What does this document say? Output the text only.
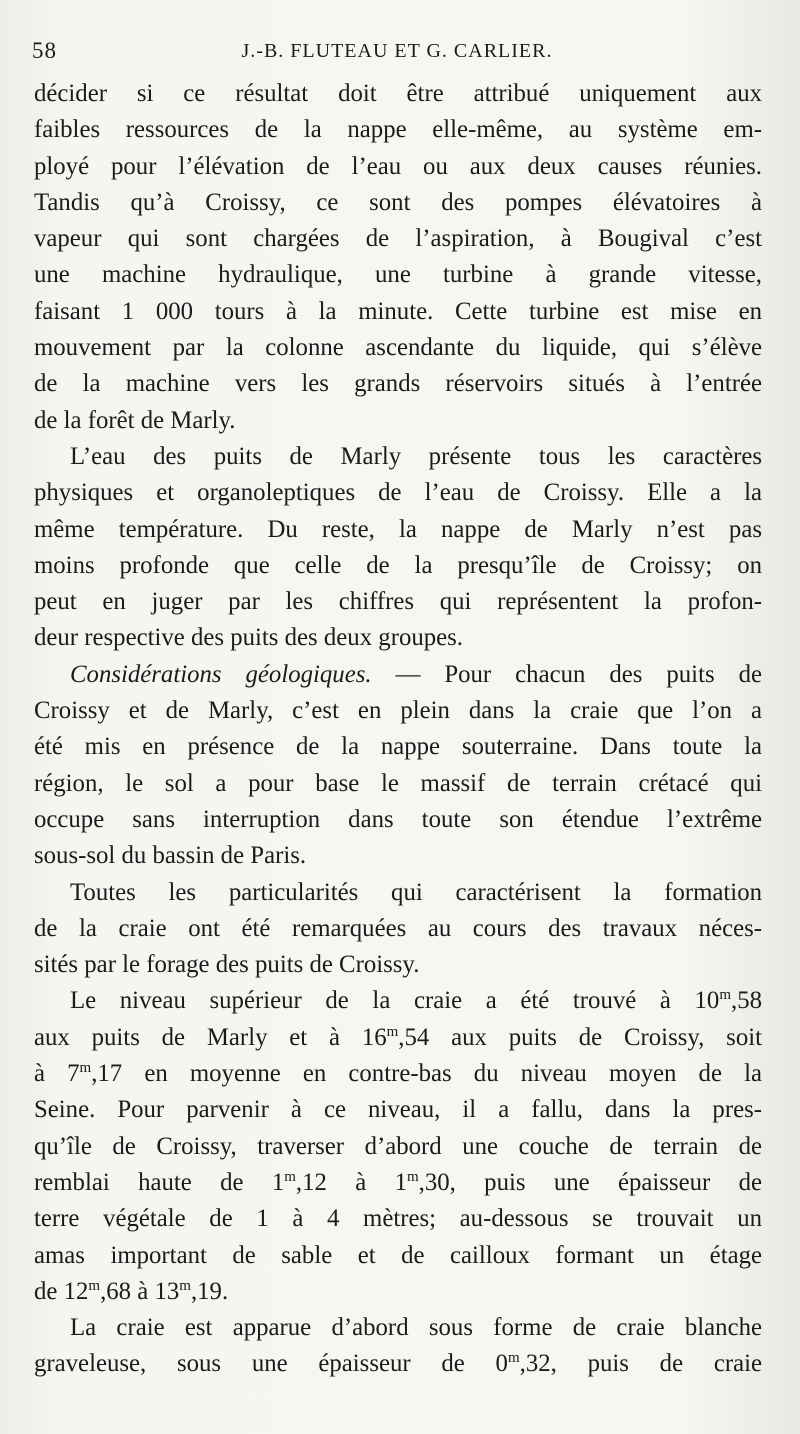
58	J.-B. FLUTEAU ET G. CARLIER.
décider si ce résultat doit être attribué uniquement aux
faibles ressources de la nappe elle-même, au système em-
ployé pour l’élévation de l’eau ou aux deux causes réunies.
Tandis qu’à Croissy, ce sont des pompes élévatoires à
vapeur qui sont chargées de l’aspiration, à Bougival c’est
une machine hydraulique, une turbine à grande vitesse,
faisant 1 000 tours à la minute. Cette turbine est mise en
mouvement par la colonne ascendante du liquide, qui s’élève
de la machine vers les grands réservoirs situés à l’entrée
de la forêt de Marly.
L’eau des puits de Marly présente tous les caractères
physiques et organoleptiques de l’eau de Croissy. Elle a la
même température. Du reste, la nappe de Marly n’est pas
moins profonde que celle de la presqu’île de Croissy; on
peut en juger par les chiffres qui représentent la profon-
deur respective des puits des deux groupes.
Considérations géologiques. — Pour chacun des puits de
Croissy et de Marly, c’est en plein dans la craie que l’on a
été mis en présence de la nappe souterraine. Dans toute la
région, le sol a pour base le massif de terrain crétacé qui
occupe sans interruption dans toute son étendue l’extrême
sous-sol du bassin de Paris.
Toutes les particularités qui caractérisent la formation
de la craie ont été remarquées au cours des travaux néces-
sités par le forage des puits de Croissy.
Le niveau supérieur de la craie a été trouvé à 10$^m$,58
aux puits de Marly et à 16$^m$,54 aux puits de Croissy, soit
à 7$^m$,17 en moyenne en contre-bas du niveau moyen de la
Seine. Pour parvenir à ce niveau, il a fallu, dans la pres-
qu’île de Croissy, traverser d’abord une couche de terrain de
remblai haute de 1$^m$,12 à 1$^m$,30, puis une épaisseur de
terre végétale de 1 à 4 mètres; au-dessous se trouvait un
amas important de sable et de cailloux formant un étage
de 12$^m$,68 à 13$^m$,19.
La craie est apparue d’abord sous forme de craie blanche
graveleuse, sous une épaisseur de 0$^m$,32, puis de craie
